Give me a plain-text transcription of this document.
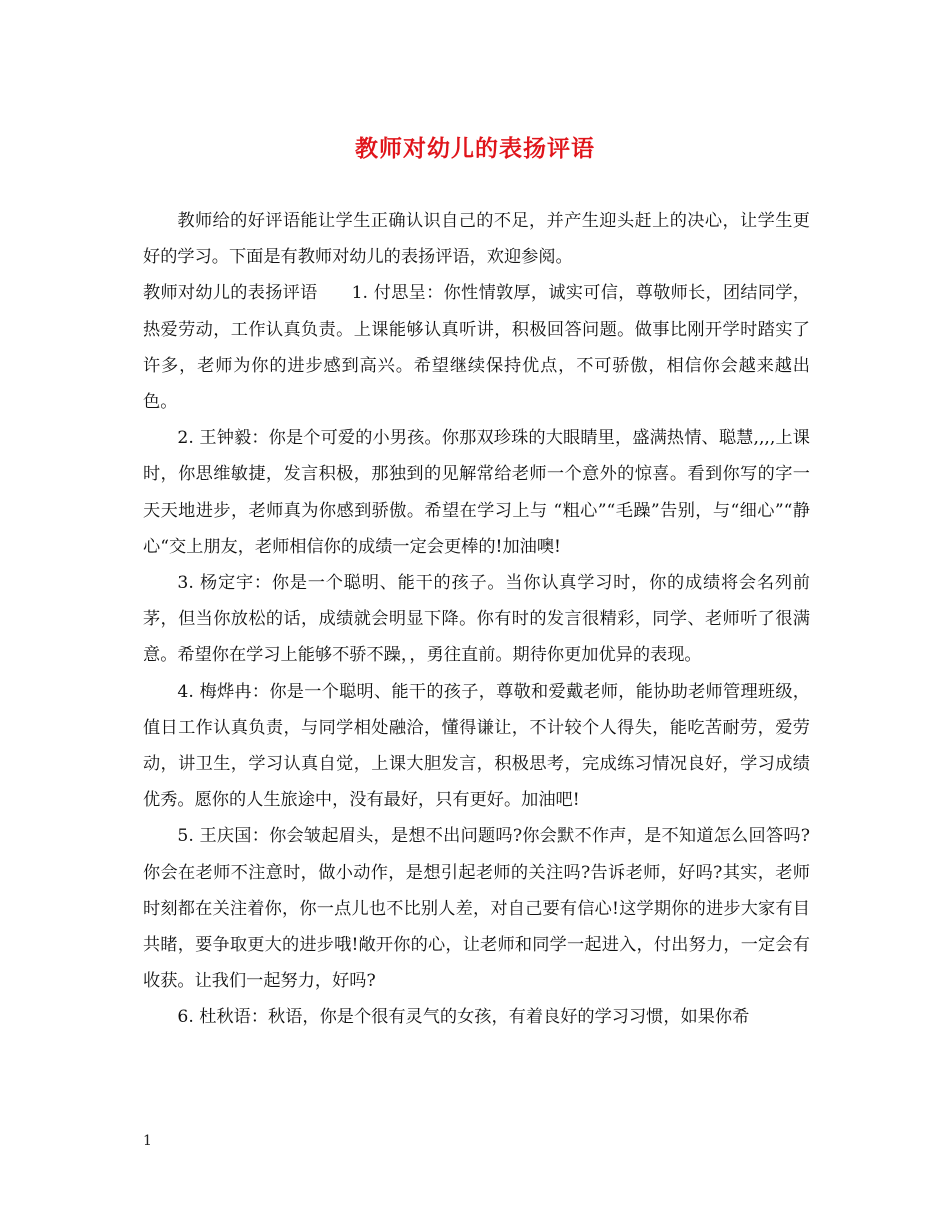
教师对幼儿的表扬评语

教师给的好评语能让学生正确认识自己的不足，并产生迎头赶上的决心，让学生更好的学习。下面是有教师对幼儿的表扬评语，欢迎参阅。

教师对幼儿的表扬评语 1. 付思呈：你性情敦厚，诚实可信，尊敬师长，团结同学，热爱劳动，工作认真负责。上课能够认真听讲，积极回答问题。做事比刚开学时踏实了许多，老师为你的进步感到高兴。希望继续保持优点，不可骄傲，相信你会越来越出色。

2. 王钟毅：你是个可爱的小男孩。你那双珍珠的大眼睛里，盛满热情、聪慧,,,,上课时，你思维敏捷，发言积极，那独到的见解常给老师一个意外的惊喜。看到你写的字一天天地进步，老师真为你感到骄傲。希望在学习上与 “粗心”“毛躁”告别，与“细心”“静心“交上朋友，老师相信你的成绩一定会更棒的!加油噢!

3. 杨定宇：你是一个聪明、能干的孩子。当你认真学习时，你的成绩将会名列前茅，但当你放松的话，成绩就会明显下降。你有时的发言很精彩，同学、老师听了很满意。希望你在学习上能够不骄不躁，，勇往直前。期待你更加优异的表现。

4. 梅烨冉：你是一个聪明、能干的孩子，尊敬和爱戴老师，能协助老师管理班级，值日工作认真负责，与同学相处融洽，懂得谦让，不计较个人得失，能吃苦耐劳，爱劳动，讲卫生，学习认真自觉，上课大胆发言，积极思考，完成练习情况良好，学习成绩优秀。愿你的人生旅途中，没有最好，只有更好。加油吧!

5. 王庆国：你会皱起眉头，是想不出问题吗?你会默不作声，是不知道怎么回答吗?你会在老师不注意时，做小动作，是想引起老师的关注吗?告诉老师，好吗?其实，老师时刻都在关注着你，你一点儿也不比别人差，对自己要有信心!这学期你的进步大家有目共睹，要争取更大的进步哦!敞开你的心，让老师和同学一起进入，付出努力，一定会有收获。让我们一起努力，好吗?

6. 杜秋语：秋语，你是个很有灵气的女孩，有着良好的学习习惯，如果你希

1
